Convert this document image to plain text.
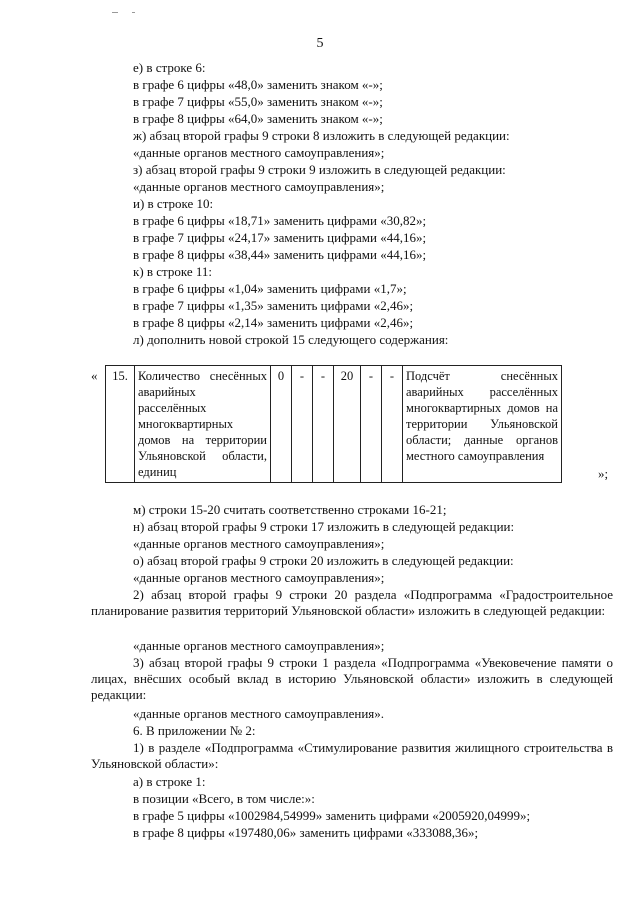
5
е) в строке 6:
в графе 6 цифры «48,0» заменить знаком «-»;
в графе 7 цифры «55,0» заменить знаком «-»;
в графе 8 цифры «64,0» заменить знаком «-»;
ж) абзац второй графы 9 строки 8 изложить в следующей редакции:
«данные органов местного самоуправления»;
з) абзац второй графы 9 строки 9 изложить в следующей редакции:
«данные органов местного самоуправления»;
и) в строке 10:
в графе 6 цифры «18,71» заменить цифрами «30,82»;
в графе 7 цифры «24,17» заменить цифрами «44,16»;
в графе 8 цифры «38,44» заменить цифрами «44,16»;
к) в строке 11:
в графе 6 цифры «1,04» заменить цифрами «1,7»;
в графе 7 цифры «1,35» заменить цифрами «2,46»;
в графе 8 цифры «2,14» заменить цифрами «2,46»;
л) дополнить новой строкой 15 следующего содержания:
« 15.	Количество снесённых аварийных расселённых многоквартирных домов на территории Ульяновской области, единиц	0	-	-	20	-	-	Подсчёт снесённых аварийных расселённых многоквартирных домов на территории Ульяновской области; данные органов местного самоуправления
»;
м) строки 15-20 считать соответственно строками 16-21;
н) абзац второй графы 9 строки 17 изложить в следующей редакции:
«данные органов местного самоуправления»;
о) абзац второй графы 9 строки 20 изложить в следующей редакции:
«данные органов местного самоуправления»;
2) абзац второй графы 9 строки 20 раздела «Подпрограмма «Градостроительное планирование развития территорий Ульяновской области» изложить в следующей редакции:
«данные органов местного самоуправления»;
3) абзац второй графы 9 строки 1 раздела «Подпрограмма «Увековечение памяти о лицах, внёсших особый вклад в историю Ульяновской области» изложить в следующей редакции:
«данные органов местного самоуправления».
6. В приложении № 2:
1) в разделе «Подпрограмма «Стимулирование развития жилищного строительства в Ульяновской области»:
а) в строке 1:
в позиции «Всего, в том числе:»:
в графе 5 цифры «1002984,54999» заменить цифрами «2005920,04999»;
в графе 8 цифры «197480,06» заменить цифрами «333088,36»;
